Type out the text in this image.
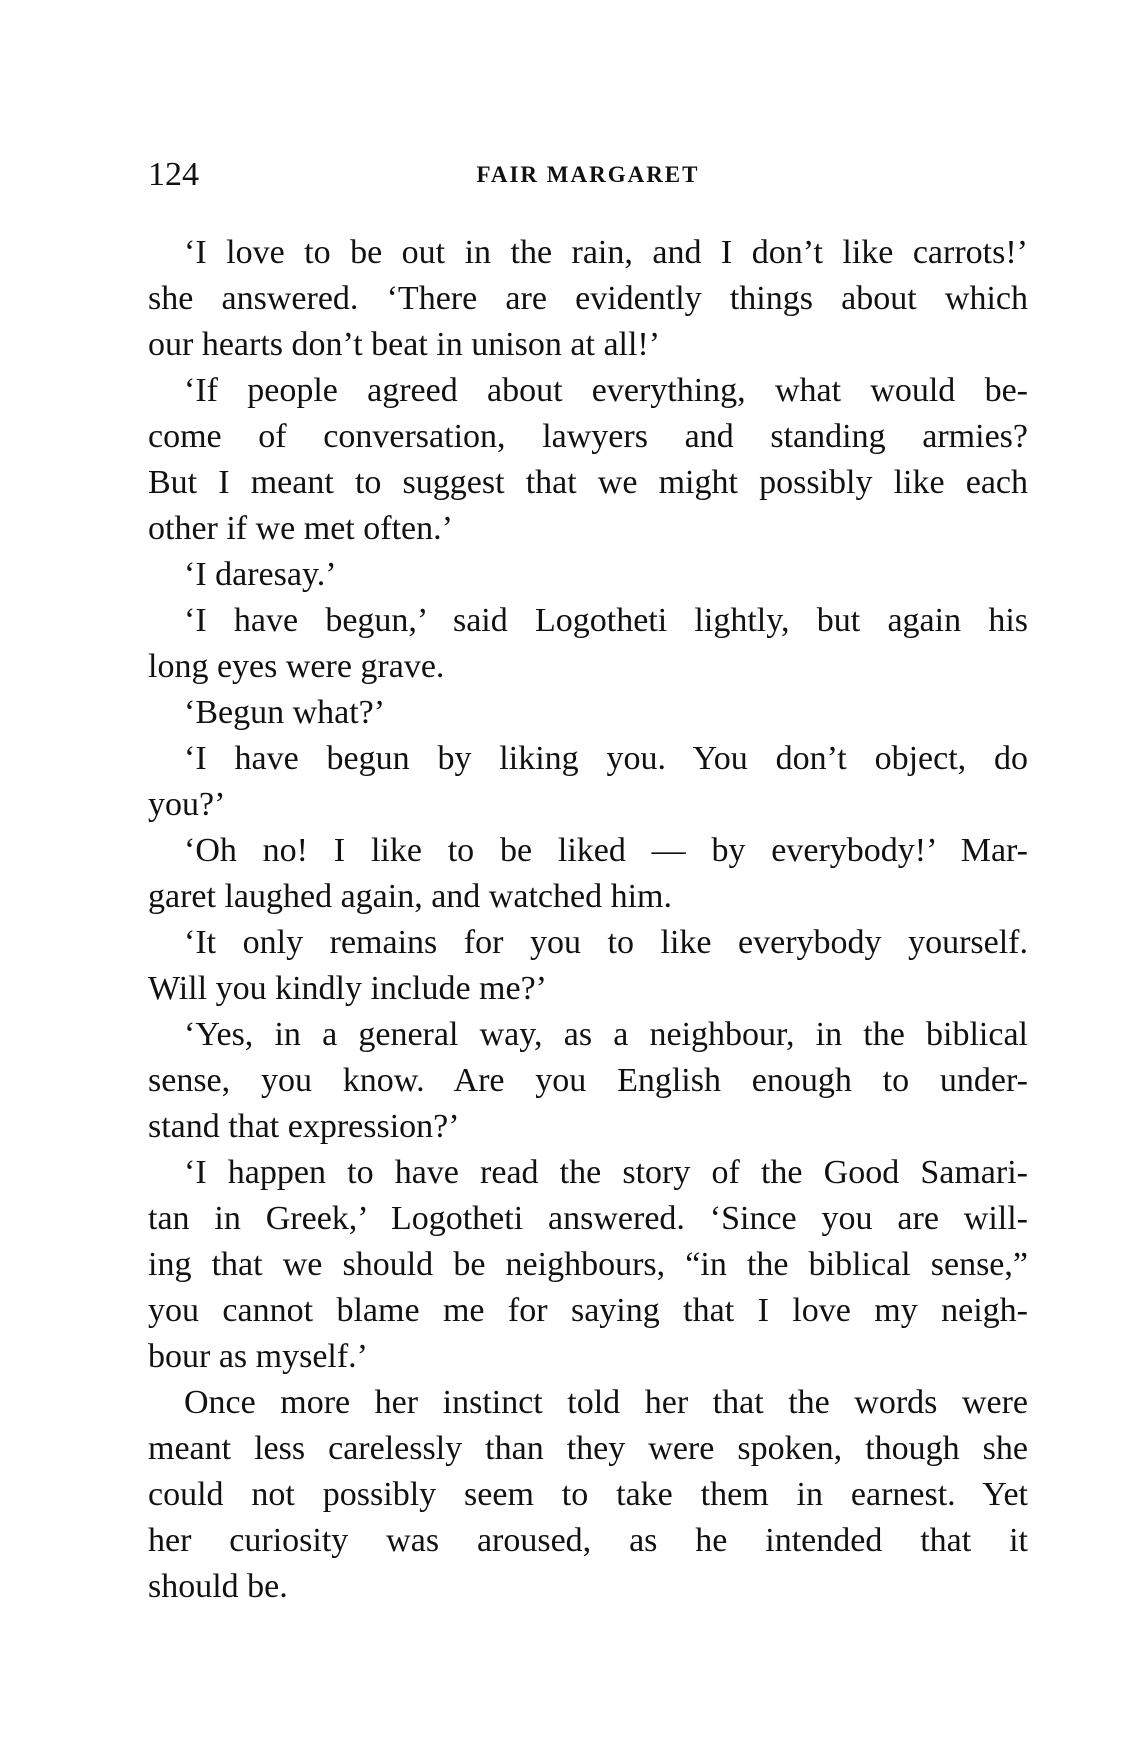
124	FAIR MARGARET
‘I love to be out in the rain, and I don’t like carrots!’
she answered. ‘There are evidently things about which
our hearts don’t beat in unison at all!’
‘If people agreed about everything, what would be-
come of conversation, lawyers and standing armies?
But I meant to suggest that we might possibly like each
other if we met often.’
‘I daresay.’
‘I have begun,’ said Logotheti lightly, but again his
long eyes were grave.
‘Begun what?’
‘I have begun by liking you. You don’t object, do
you?’
‘Oh no! I like to be liked — by everybody!’ Mar-
garet laughed again, and watched him.
‘It only remains for you to like everybody yourself.
Will you kindly include me?’
‘Yes, in a general way, as a neighbour, in the biblical
sense, you know. Are you English enough to under-
stand that expression?’
‘I happen to have read the story of the Good Samari-
tan in Greek,’ Logotheti answered. ‘Since you are will-
ing that we should be neighbours, “in the biblical sense,”
you cannot blame me for saying that I love my neigh-
bour as myself.’
Once more her instinct told her that the words were
meant less carelessly than they were spoken, though she
could not possibly seem to take them in earnest. Yet
her curiosity was aroused, as he intended that it
should be.
